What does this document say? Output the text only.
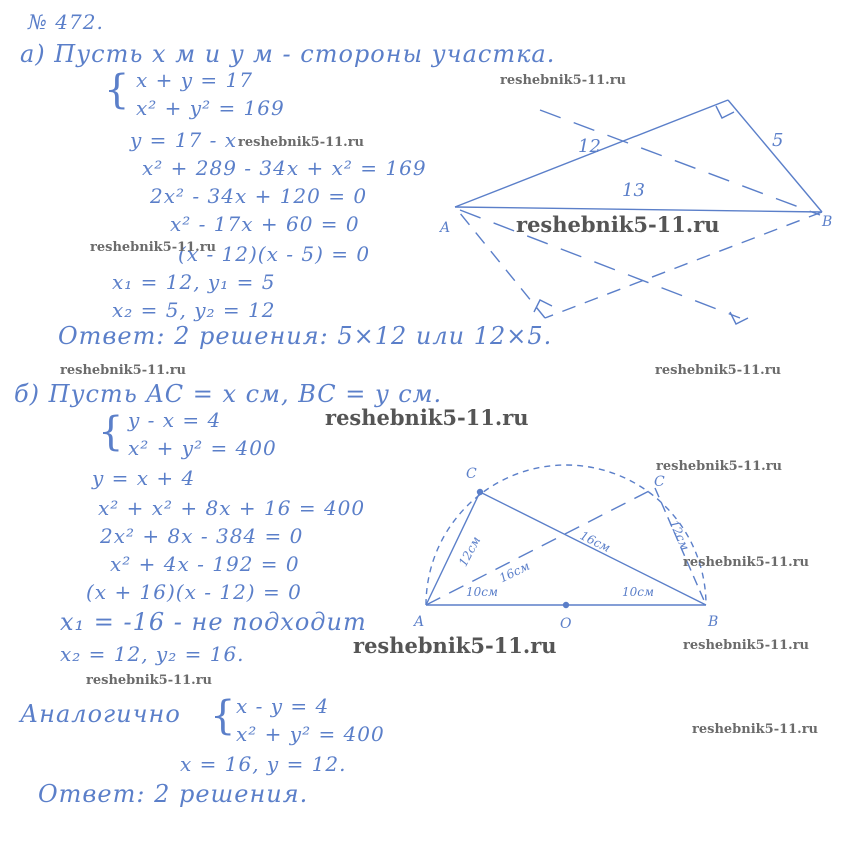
№ 472.
а) Пусть x м и y м - стороны участка.
{ x + y = 17
x² + y² = 169
y = 17 - x
x² + 289 - 34x + x² = 169
2x² - 34x + 120 = 0
x² - 17x + 60 = 0
(x - 12)(x - 5) = 0
x₁ = 12, y₁ = 5
x₂ = 5, y₂ = 12
Ответ: 2 решения: 5×12 или 12×5.
б) Пусть AC = x см, BC = y см.
{ y - x = 4
x² + y² = 400
y = x + 4
x² + x² + 8x + 16 = 400
2x² + 8x - 384 = 0
x² + 4x - 192 = 0
(x + 16)(x - 12) = 0
x₁ = -16 - не подходит
x₂ = 12, y₂ = 16.
Аналогично { x - y = 4
x² + y² = 400
x = 16, y = 12.
Ответ: 2 решения.
A	B
12	5
13
C	C
A	B
O
12см	16см
16см
12см
10см	10см
reshebnik5-11.ru
reshebnik5-11.ru
reshebnik5-11.ru
reshebnik5-11.ru
reshebnik5-11.ru	reshebnik5-11.ru
reshebnik5-11.ru
reshebnik5-11.ru
reshebnik5-11.ru
reshebnik5-11.ru	reshebnik5-11.ru
reshebnik5-11.ru
reshebnik5-11.ru
